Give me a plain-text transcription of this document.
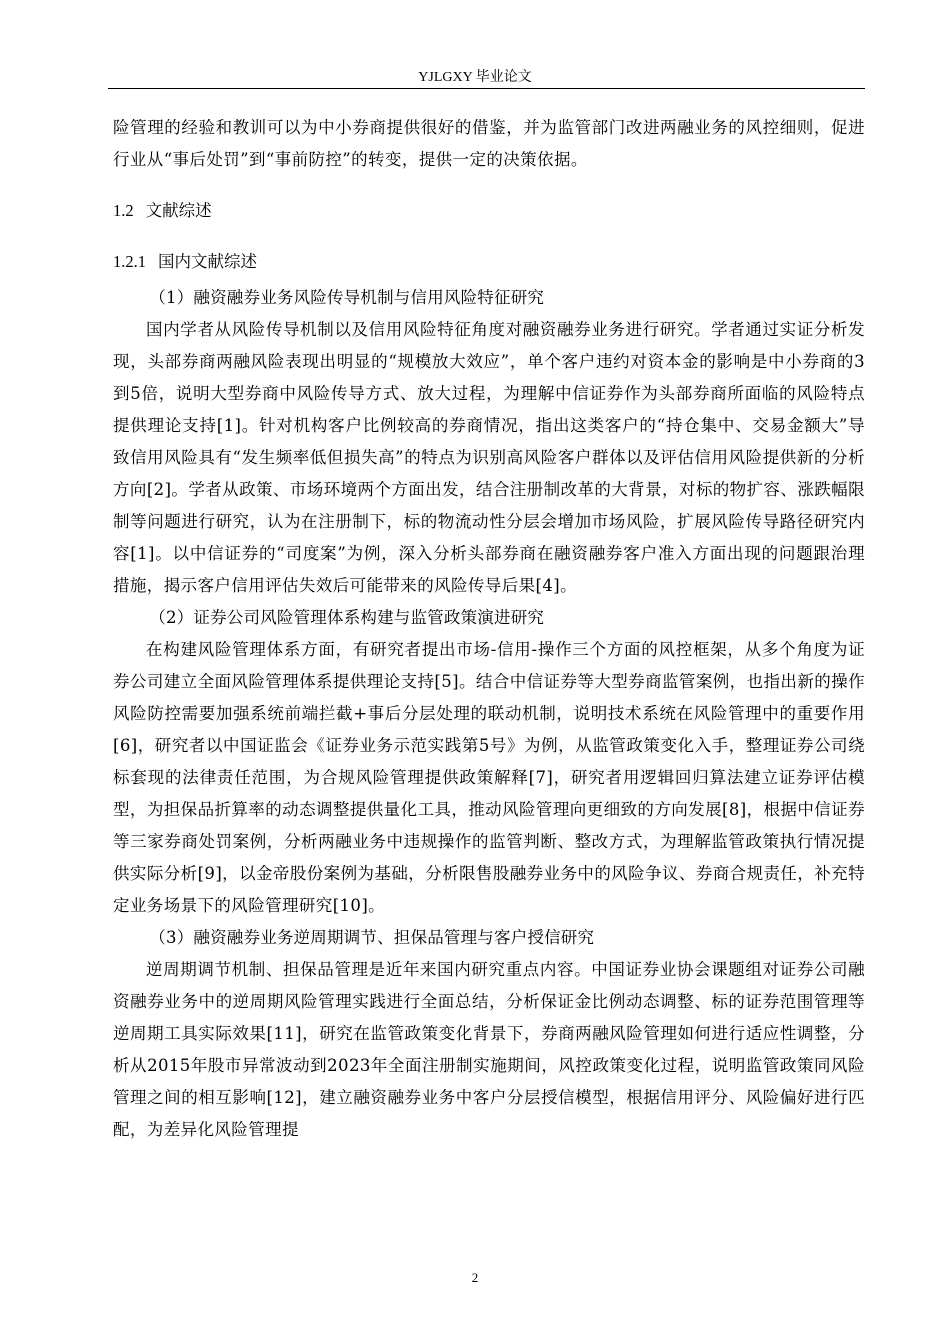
YJLGXY 毕业论文

险管理的经验和教训可以为中小券商提供很好的借鉴，并为监管部门改进两融业务的风控细则，促进行业从“事后处罚”到“事前防控”的转变，提供一定的决策依据。

1.2 文献综述
1.2.1 国内文献综述

（1）融资融券业务风险传导机制与信用风险特征研究

国内学者从风险传导机制以及信用风险特征角度对融资融券业务进行研究。学者通过实证分析发现，头部券商两融风险表现出明显的“规模放大效应”，单个客户违约对资本金的影响是中小券商的3到5倍，说明大型券商中风险传导方式、放大过程，为理解中信证券作为头部券商所面临的风险特点提供理论支持[1]。针对机构客户比例较高的券商情况，指出这类客户的“持仓集中、交易金额大”导致信用风险具有“发生频率低但损失高”的特点为识别高风险客户群体以及评估信用风险提供新的分析方向[2]。学者从政策、市场环境两个方面出发，结合注册制改革的大背景，对标的物扩容、涨跌幅限制等问题进行研究，认为在注册制下，标的物流动性分层会增加市场风险，扩展风险传导路径研究内容[1]。以中信证券的“司度案”为例，深入分析头部券商在融资融券客户准入方面出现的问题跟治理措施，揭示客户信用评估失效后可能带来的风险传导后果[4]。

（2）证券公司风险管理体系构建与监管政策演进研究

在构建风险管理体系方面，有研究者提出市场-信用-操作三个方面的风控框架，从多个角度为证券公司建立全面风险管理体系提供理论支持[5]。结合中信证券等大型券商监管案例，也指出新的操作风险防控需要加强系统前端拦截+事后分层处理的联动机制，说明技术系统在风险管理中的重要作用[6]，研究者以中国证监会《证券业务示范实践第5号》为例，从监管政策变化入手，整理证券公司绕标套现的法律责任范围，为合规风险管理提供政策解释[7]，研究者用逻辑回归算法建立证券评估模型，为担保品折算率的动态调整提供量化工具，推动风险管理向更细致的方向发展[8]，根据中信证券等三家券商处罚案例，分析两融业务中违规操作的监管判断、整改方式，为理解监管政策执行情况提供实际分析[9]，以金帝股份案例为基础，分析限售股融券业务中的风险争议、券商合规责任，补充特定业务场景下的风险管理研究[10]。

（3）融资融券业务逆周期调节、担保品管理与客户授信研究

逆周期调节机制、担保品管理是近年来国内研究重点内容。中国证券业协会课题组对证券公司融资融券业务中的逆周期风险管理实践进行全面总结，分析保证金比例动态调整、标的证券范围管理等逆周期工具实际效果[11]，研究在监管政策变化背景下，券商两融风险管理如何进行适应性调整，分析从2015年股市异常波动到2023年全面注册制实施期间，风控政策变化过程，说明监管政策同风险管理之间的相互影响[12]，建立融资融券业务中客户分层授信模型，根据信用评分、风险偏好进行匹配，为差异化风险管理提

2
